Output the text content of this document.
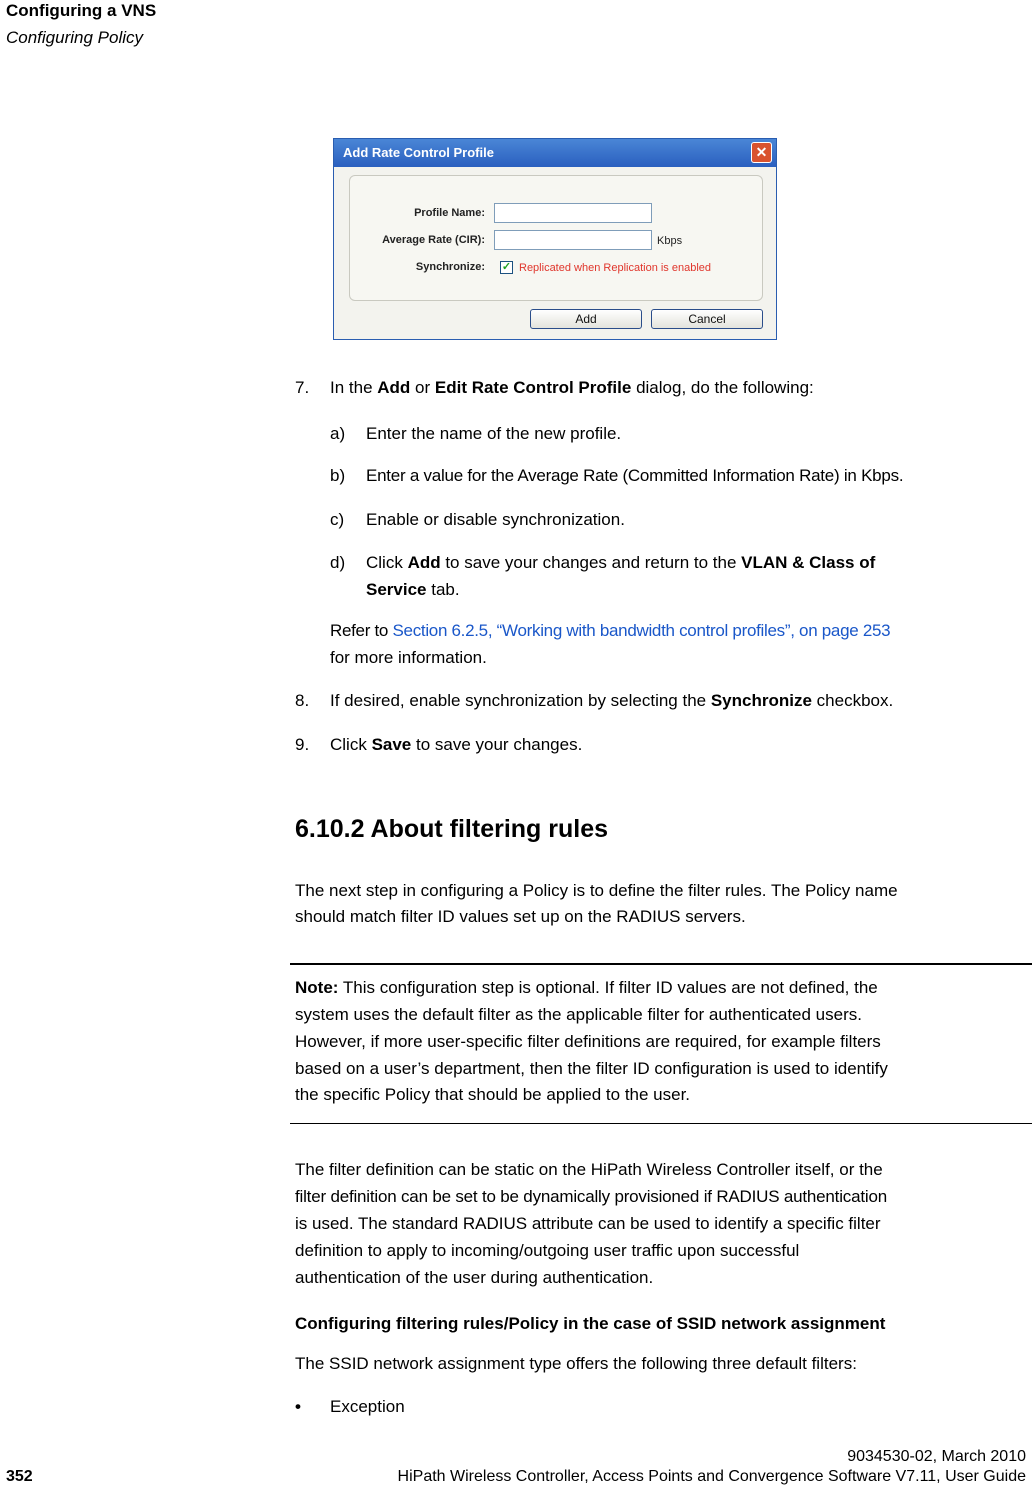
Configuring a VNS
Configuring Policy
Add Rate Control Profile	✕
Profile Name:
Average Rate (CIR):	Kbps
Synchronize: ✓ Replicated when Replication is enabled
Add	Cancel
7. In the Add or Edit Rate Control Profile dialog, do the following:
a) Enter the name of the new profile.
b) Enter a value for the Average Rate (Committed Information Rate) in Kbps.
c) Enable or disable synchronization.
d) Click Add to save your changes and return to the VLAN & Class of
Service tab.
Refer to Section 6.2.5, “Working with bandwidth control profiles”, on page 253
for more information.
8. If desired, enable synchronization by selecting the Synchronize checkbox.
9. Click Save to save your changes.
6.10.2 About filtering rules
The next step in configuring a Policy is to define the filter rules. The Policy name
should match filter ID values set up on the RADIUS servers.
Note: This configuration step is optional. If filter ID values are not defined, the
system uses the default filter as the applicable filter for authenticated users.
However, if more user-specific filter definitions are required, for example filters
based on a user’s department, then the filter ID configuration is used to identify
the specific Policy that should be applied to the user.
The filter definition can be static on the HiPath Wireless Controller itself, or the
filter definition can be set to be dynamically provisioned if RADIUS authentication
is used. The standard RADIUS attribute can be used to identify a specific filter
definition to apply to incoming/outgoing user traffic upon successful
authentication of the user during authentication.
Configuring filtering rules/Policy in the case of SSID network assignment
The SSID network assignment type offers the following three default filters:
• Exception
9034530-02, March 2010
352	HiPath Wireless Controller, Access Points and Convergence Software V7.11, User Guide
